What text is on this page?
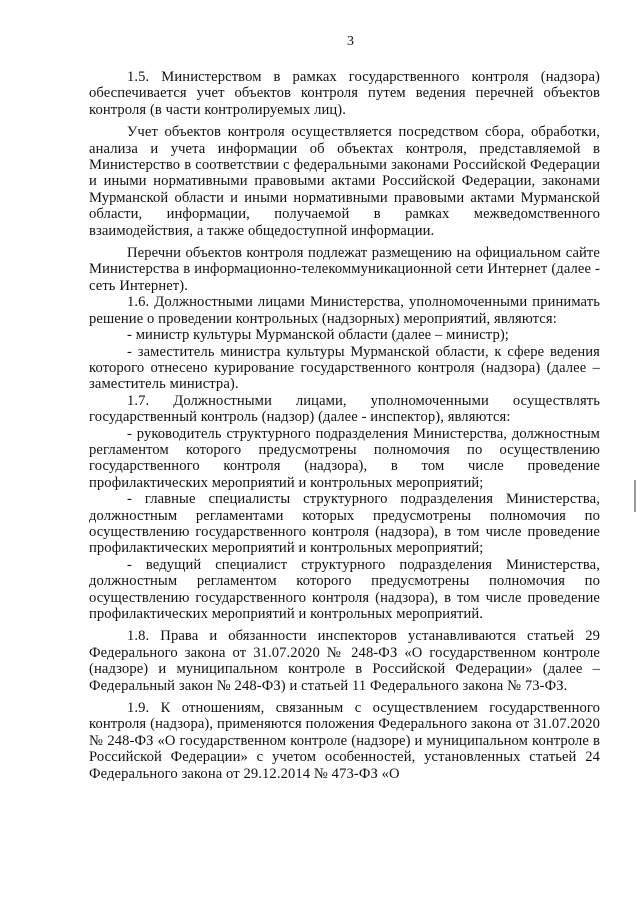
3

1.5. Министерством в рамках государственного контроля (надзора) обеспечивается учет объектов контроля путем ведения перечней объектов контроля (в части контролируемых лиц).

Учет объектов контроля осуществляется посредством сбора, обработки, анализа и учета информации об объектах контроля, представляемой в Министерство в соответствии с федеральными законами Российской Федерации и иными нормативными правовыми актами Российской Федерации, законами Мурманской области и иными нормативными правовыми актами Мурманской области, информации, получаемой в рамках межведомственного взаимодействия, а также общедоступной информации.

Перечни объектов контроля подлежат размещению на официальном сайте Министерства в информационно-телекоммуникационной сети Интернет (далее - сеть Интернет).

1.6. Должностными лицами Министерства, уполномоченными принимать решение о проведении контрольных (надзорных) мероприятий, являются:

- министр культуры Мурманской области (далее – министр);

- заместитель министра культуры Мурманской области, к сфере ведения которого отнесено курирование государственного контроля (надзора) (далее – заместитель министра).

1.7. Должностными лицами, уполномоченными осуществлять государственный контроль (надзор) (далее - инспектор), являются:

- руководитель структурного подразделения Министерства, должностным регламентом которого предусмотрены полномочия по осуществлению государственного контроля (надзора), в том числе проведение профилактических мероприятий и контрольных мероприятий;

- главные специалисты структурного подразделения Министерства, должностным регламентами которых предусмотрены полномочия по осуществлению государственного контроля (надзора), в том числе проведение профилактических мероприятий и контрольных мероприятий;

- ведущий специалист структурного подразделения Министерства, должностным регламентом которого предусмотрены полномочия по осуществлению государственного контроля (надзора), в том числе проведение профилактических мероприятий и контрольных мероприятий.

1.8. Права и обязанности инспекторов устанавливаются статьей 29 Федерального закона от 31.07.2020 № 248-ФЗ «О государственном контроле (надзоре) и муниципальном контроле в Российской Федерации» (далее – Федеральный закон № 248-ФЗ) и статьей 11 Федерального закона № 73-ФЗ.

1.9. К отношениям, связанным с осуществлением государственного контроля (надзора), применяются положения Федерального закона от 31.07.2020 № 248-ФЗ «О государственном контроле (надзоре) и муниципальном контроле в Российской Федерации» с учетом особенностей, установленных статьей 24 Федерального закона от 29.12.2014 № 473-ФЗ «О
